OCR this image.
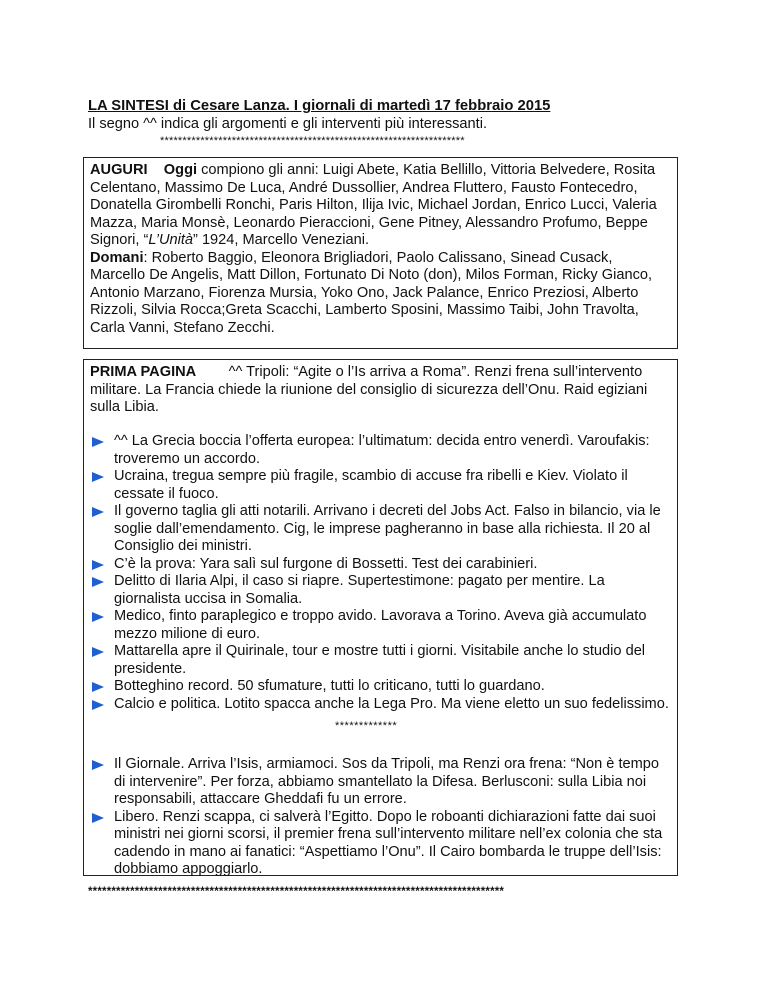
LA SINTESI di Cesare Lanza. I giornali di martedì 17 febbraio 2015
Il segno ^^ indica gli argomenti e gli interventi più interessanti.
********************************************************************
AUGURI Oggi compiono gli anni: Luigi Abete, Katia Bellillo, Vittoria Belvedere, Rosita Celentano, Massimo De Luca, André Dussollier, Andrea Fluttero, Fausto Fontecedro, Donatella Girombelli Ronchi, Paris Hilton, Ilija Ivic, Michael Jordan, Enrico Lucci, Valeria Mazza, Maria Monsè, Leonardo Pieraccioni, Gene Pitney, Alessandro Profumo, Beppe Signori, “L’Unità” 1924, Marcello Veneziani.
Domani: Roberto Baggio, Eleonora Brigliadori, Paolo Calissano, Sinead Cusack, Marcello De Angelis, Matt Dillon, Fortunato Di Noto (don), Milos Forman, Ricky Gianco, Antonio Marzano, Fiorenza Mursia, Yoko Ono, Jack Palance, Enrico Preziosi, Alberto Rizzoli, Silvia Rocca;Greta Scacchi, Lamberto Sposini, Massimo Taibi, John Travolta, Carla Vanni, Stefano Zecchi.
PRIMA PAGINA ^^ Tripoli: “Agite o l’Is arriva a Roma”. Renzi frena sull’intervento militare. La Francia chiede la riunione del consiglio di sicurezza dell’Onu. Raid egiziani sulla Libia.
^^ La Grecia boccia l’offerta europea: l’ultimatum: decida entro venerdì. Varoufakis: troveremo un accordo.
Ucraina, tregua sempre più fragile, scambio di accuse fra ribelli e Kiev. Violato il cessate il fuoco.
Il governo taglia gli atti notarili. Arrivano i decreti del Jobs Act. Falso in bilancio, via le soglie dall’emendamento. Cig, le imprese pagheranno in base alla richiesta. Il 20 al Consiglio dei ministri.
C’è la prova: Yara salì sul furgone di Bossetti. Test dei carabinieri.
Delitto di Ilaria Alpi, il caso si riapre. Supertestimone: pagato per mentire. La giornalista uccisa in Somalia.
Medico, finto paraplegico e troppo avido. Lavorava a Torino. Aveva già accumulato mezzo milione di euro.
Mattarella apre il Quirinale, tour e mostre tutti i giorni. Visitabile anche lo studio del presidente.
Botteghino record. 50 sfumature, tutti lo criticano, tutti lo guardano.
Calcio e politica. Lotito spacca anche la Lega Pro. Ma viene eletto un suo fedelissimo.
*************
Il Giornale. Arriva l’Isis, armiamoci. Sos da Tripoli, ma Renzi ora frena: “Non è tempo di intervenire”. Per forza, abbiamo smantellato la Difesa. Berlusconi: sulla Libia noi responsabili, attaccare Gheddafi fu un errore.
Libero. Renzi scappa, ci salverà l’Egitto. Dopo le roboanti dichiarazioni fatte dai suoi ministri nei giorni scorsi, il premier frena sull’intervento militare nell’ex colonia che sta cadendo in mano ai fanatici: “Aspettiamo l’Onu”. Il Cairo bombarda le truppe dell’Isis: dobbiamo appoggiarlo.
*****************************************************************************************
